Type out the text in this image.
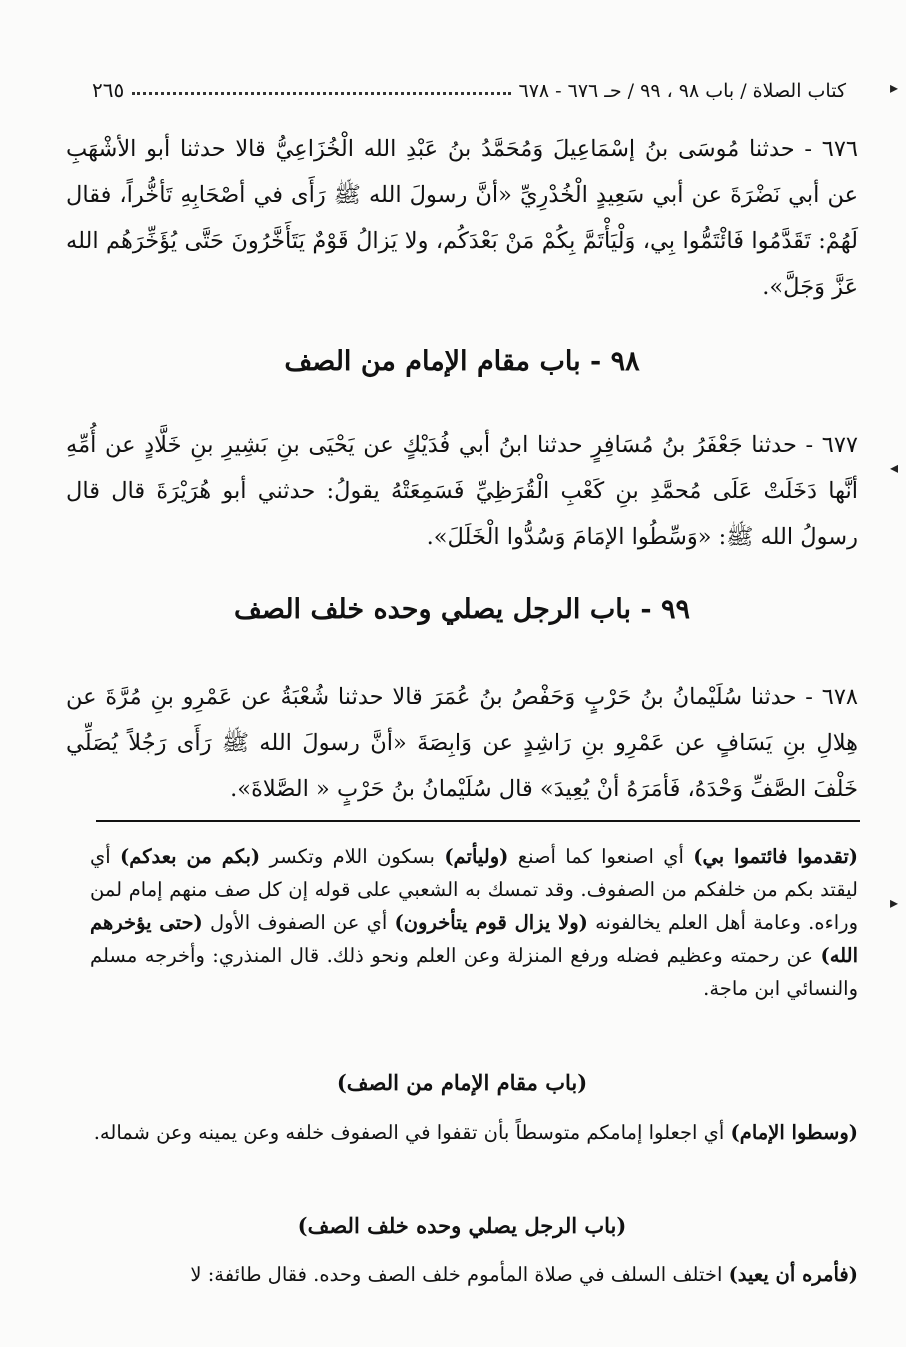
كتاب الصلاة / باب ٩٨ ، ٩٩ / حـ ٦٧٦ - ٦٧٨
٢٦٥	▸
◂
▸
٦٧٦ - حدثنا مُوسَى بنُ إسْمَاعِيلَ وَمُحَمَّدُ بنُ عَبْدِ الله الْخُزَاعِيُّ قالا حدثنا أبو الأشْهَبِ عن أبي نَضْرَةَ عن أبي سَعِيدٍ الْخُدْرِيِّ «أنَّ رسولَ الله ﷺ رَأَى في أصْحَابِهِ تَأخُّراً، فقال لَهُمْ: تَقَدَّمُوا فَائْتَمُّوا بِي، وَلْيَأْتَمَّ بِكُمْ مَنْ بَعْدَكُم، ولا يَزالُ قَوْمٌ يَتَأَخَّرُونَ حَتَّى يُؤَخِّرَهُم الله عَزَّ وَجَلَّ».
٩٨ - باب مقام الإمام من الصف
٦٧٧ - حدثنا جَعْفَرُ بنُ مُسَافِرٍ حدثنا ابنُ أبي فُدَيْكٍ عن يَحْيَى بنِ بَشِيرِ بنِ خَلَّادٍ عن أُمِّهِ أنَّها دَخَلَتْ عَلَى مُحمَّدِ بنِ كَعْبِ الْقُرَظِيِّ فَسَمِعَتْهُ يقولُ: حدثني أبو هُرَيْرَةَ قال قال رسولُ الله ﷺ: «وَسِّطُوا الإمَامَ وَسُدُّوا الْخَلَلَ».
٩٩ - باب الرجل يصلي وحده خلف الصف
٦٧٨ - حدثنا سُلَيْمانُ بنُ حَرْبٍ وَحَفْصُ بنُ عُمَرَ قالا حدثنا شُعْبَةُ عن عَمْرِو بنِ مُرَّةَ عن هِلالِ بنِ يَسَافٍ عن عَمْرِو بنِ رَاشِدٍ عن وَابِصَةَ «أنَّ رسولَ الله ﷺ رَأَى رَجُلاً يُصَلِّي خَلْفَ الصَّفِّ وَحْدَهُ، فَأمَرَهُ أنْ يُعِيدَ» قال سُلَيْمانُ بنُ حَرْبٍ « الصَّلاةَ».
(تقدموا فائتموا بي) أي اصنعوا كما أصنع (وليأتم) بسكون اللام وتكسر (بكم من بعدكم) أي ليقتد بكم من خلفكم من الصفوف. وقد تمسك به الشعبي على قوله إن كل صف منهم إمام لمن وراءه. وعامة أهل العلم يخالفونه (ولا يزال قوم يتأخرون) أي عن الصفوف الأول (حتى يؤخرهم الله) عن رحمته وعظيم فضله ورفع المنزلة وعن العلم ونحو ذلك. قال المنذري: وأخرجه مسلم والنسائي ابن ماجة.
(باب مقام الإمام من الصف)
(وسطوا الإمام) أي اجعلوا إمامكم متوسطاً بأن تقفوا في الصفوف خلفه وعن يمينه وعن شماله.
(باب الرجل يصلي وحده خلف الصف)
(فأمره أن يعيد) اختلف السلف في صلاة المأموم خلف الصف وحده. فقال طائفة: لا
